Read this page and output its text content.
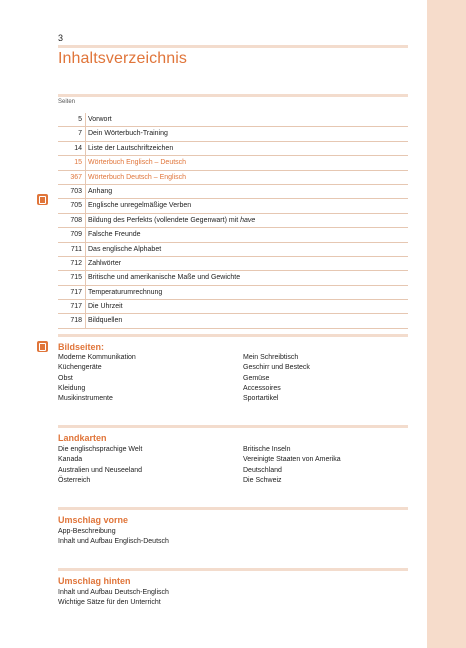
3
Inhaltsverzeichnis
Seiten
5 Vorwort
7 Dein Wörterbuch-Training
14 Liste der Lautschriftzeichen
15 Wörterbuch Englisch – Deutsch
367 Wörterbuch Deutsch – Englisch
703 Anhang
705 Englische unregelmäßige Verben
708 Bildung des Perfekts (vollendete Gegenwart) mit have
709 Falsche Freunde
711 Das englische Alphabet
712 Zahlwörter
715 Britische und amerikanische Maße und Gewichte
717 Temperaturumrechnung
717 Die Uhrzeit
718 Bildquellen
Bildseiten:
Moderne Kommunikation
Küchengeräte
Obst
Kleidung
Musikinstrumente
Mein Schreibtisch
Geschirr und Besteck
Gemüse
Accessoires
Sportartikel
Landkarten
Die englischsprachige Welt
Kanada
Australien und Neuseeland
Österreich
Britische Inseln
Vereinigte Staaten von Amerika
Deutschland
Die Schweiz
Umschlag vorne
App-Beschreibung
Inhalt und Aufbau Englisch-Deutsch
Umschlag hinten
Inhalt und Aufbau Deutsch-Englisch
Wichtige Sätze für den Unterricht
